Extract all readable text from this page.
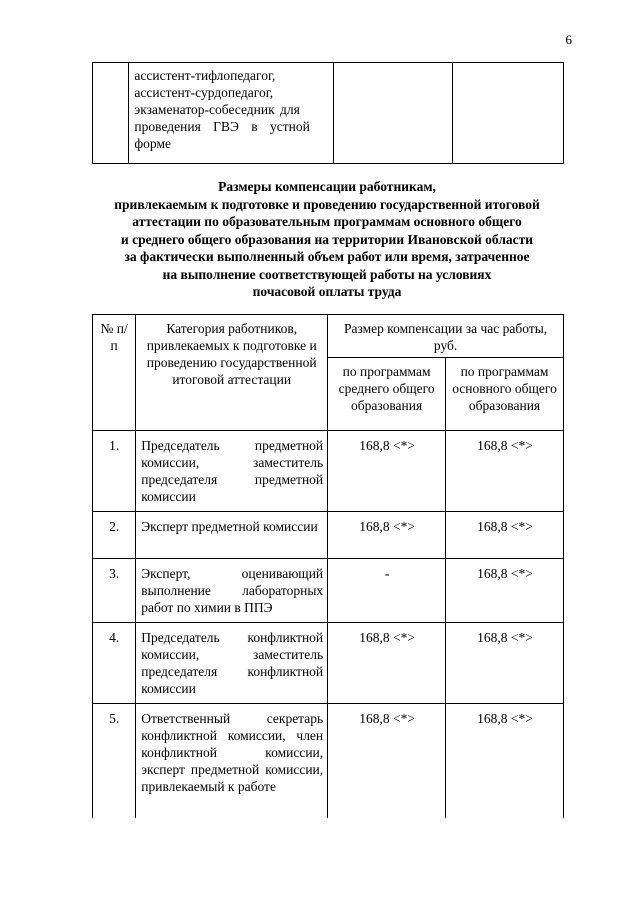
6

ассистент-тифлопедагог,
ассистент-сурдопедагог,
экзаменатор-собеседник для
проведения ГВЭ в устной
форме

Размеры компенсации работникам,
привлекаемым к подготовке и проведению государственной итоговой
аттестации по образовательным программам основного общего
и среднего общего образования на территории Ивановской области
за фактически выполненный объем работ или время, затраченное
на выполнение соответствующей работы на условиях
почасовой оплаты труда
№ п/п	Категория работников, привлекаемых к подготовке и проведению государственной итоговой аттестации	Размер компенсации за час работы, руб.	
		по программам среднего общего образования	по программам основного общего образования
1.	Председатель предметной комиссии, заместитель председателя предметной комиссии	168,8 <*>	168,8 <*>
2.	Эксперт предметной комиссии	168,8 <*>	168,8 <*>
3.	Эксперт, оценивающий выполнение лабораторных работ по химии в ППЭ	-	168,8 <*>
4.	Председатель конфликтной комиссии, заместитель председателя конфликтной комиссии	168,8 <*>	168,8 <*>
5.	Ответственный секретарь конфликтной комиссии, член конфликтной комиссии, эксперт предметной комиссии, привлекаемый к работе	168,8 <*>	168,8 <*>
